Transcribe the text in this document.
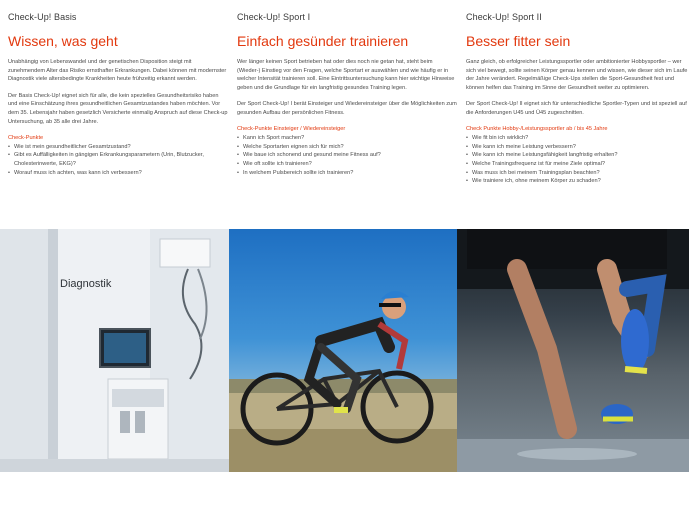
Check-Up! Basis
Wissen, was geht

Unabhängig von Lebenswandel und der genetischen Disposition steigt mit zunehmendem Alter das Risiko ernsthafter Erkrankungen. Dabei können mit modernster Diagnostik viele altersbedingte Krankheiten heute frühzeitig erkannt werden.

Der Basis Check-Up! eignet sich für alle, die kein spezielles Gesundheitsrisiko haben und eine Einschätzung ihres gesundheitlichen Gesamtzustandes haben möchten. Vor dem 35. Lebensjahr haben gesetzlich Versicherte einmalig Anspruch auf diese Check-up Untersuchung, ab 35 alle drei Jahre.

Check-Punkte
• Wie ist mein gesundheitlicher Gesamtzustand?
• Gibt es Auffälligkeiten in gängigen Erkrankungsparametern (Urin, Blutzucker, Cholesterinwerte, EKG)?
• Worauf muss ich achten, was kann ich verbessern?
Check-Up! Sport I
Einfach gesünder trainieren

Wer länger keinen Sport betrieben hat oder dies noch nie getan hat, steht beim (Wieder-) Einstieg vor den Fragen, welche Sportart er auswählen und wie häufig er in welcher Intensität trainieren soll. Eine Eintrittsuntersuchung kann hier wichtige Hinweise geben und die Grundlage für ein langfristig gesundes Training legen.

Der Sport Check-Up! I berät Einsteiger und Wiedereinsteiger über die Möglichkeiten zum gesunden Aufbau der persönlichen Fitness.

Check-Punkte Einsteiger / Wiedereinsteiger
• Kann ich Sport machen?
• Welche Sportarten eignen sich für mich?
• Wie baue ich schonend und gesund meine Fitness auf?
• Wie oft sollte ich trainieren?
• In welchem Pulsbereich sollte ich trainieren?
Check-Up! Sport II
Besser fitter sein

Ganz gleich, ob erfolgreicher Leistungssportler oder ambitionierter Hobbysportler – wer sich viel bewegt, sollte seinen Körper genau kennen und wissen, wie dieser sich im Laufe der Jahre verändert. Regelmäßige Check-Ups stellen die Sport-Gesundheit fest und können helfen das Training im Sinne der Gesundheit weiter zu optimieren.

Der Sport Check-Up! II eignet sich für unterschiedliche Sportler-Typen und ist speziell auf die Anforderungen U45 und Ü45 zugeschnitten.

Check Punkte Hobby-/Leistungssportler ab / bis 45 Jahre
• Wie fit bin ich wirklich?
• Wie kann ich meine Leistung verbessern?
• Wie kann ich meine Leistungsfähigkeit langfristig erhalten?
• Welche Trainingsfrequenz ist für meine Ziele optimal?
• Was muss ich bei meinem Trainingsplan beachten?
• Wie trainiere ich, ohne meinem Körper zu schaden?
Diagnostik
